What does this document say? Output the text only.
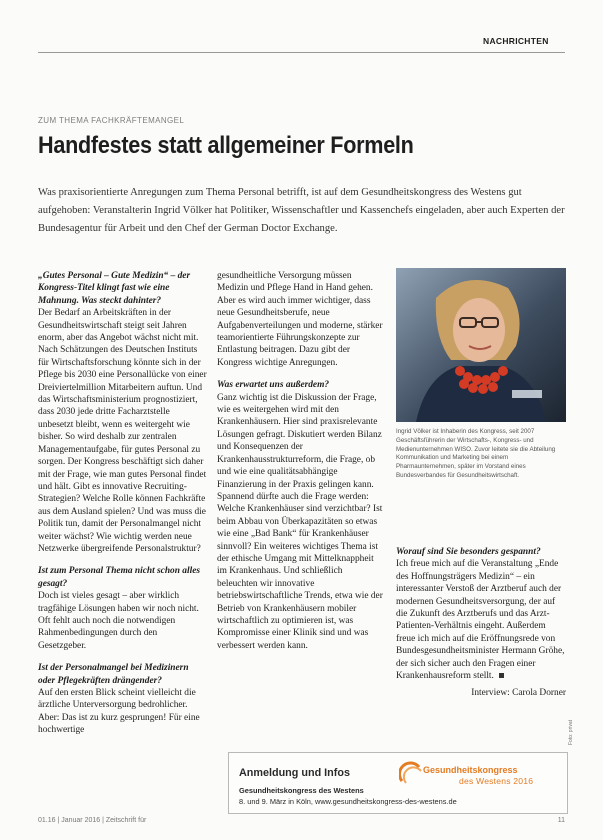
NACHRICHTEN
ZUM THEMA FACHKRÄFTEMANGEL
Handfestes statt allgemeiner Formeln
Was praxisorientierte Anregungen zum Thema Personal betrifft, ist auf dem Gesundheitskongress des Westens gut aufgehoben: Veranstalterin Ingrid Völker hat Politiker, Wissenschaftler und Kassenchefs eingeladen, aber auch Experten der Bundesagentur für Arbeit und den Chef der German Doctor Exchange.

„Gutes Personal – Gute Medizin“ – der Kongress-Titel klingt fast wie eine Mahnung. Was steckt dahinter?

Der Bedarf an Arbeitskräften in der Gesundheitswirtschaft steigt seit Jahren enorm, aber das Angebot wächst nicht mit. Nach Schätzungen des Deutschen Instituts für Wirtschaftsforschung könnte sich in der Pflege bis 2030 eine Personallücke von einer Dreiviertelmillion Mitarbeitern auftun. Und das Wirtschaftsministerium prognostiziert, dass 2030 jede dritte Facharztstelle unbesetzt bleibt, wenn es weitergeht wie bisher. So wird deshalb zur zentralen Managementaufgabe, für gutes Personal zu sorgen. Der Kongress beschäftigt sich daher mit der Frage, wie man gutes Personal findet und hält. Gibt es innovative Recruiting-Strategien? Welche Rolle können Fachkräfte aus dem Ausland spielen? Und was muss die Politik tun, damit der Personalmangel nicht weiter wächst? Wie wichtig werden neue Netzwerke übergreifende Personalstruktur?

Ist zum Personal Thema nicht schon alles gesagt?

Doch ist vieles gesagt – aber wirklich tragfähige Lösungen haben wir noch nicht. Oft fehlt auch noch die notwendigen Rahmenbedingungen durch den Gesetzgeber.

Ist der Personalmangel bei Medizinern oder Pflegekräften drängender?

Auf den ersten Blick scheint vielleicht die ärztliche Unterversorgung bedrohlicher. Aber: Das ist zu kurz gesprungen! Für eine hochwertige

gesundheitliche Versorgung müssen Medizin und Pflege Hand in Hand gehen. Aber es wird auch immer wichtiger, dass neue Gesundheitsberufe, neue Aufgabenverteilungen und moderne, stärker teamorientierte Führungskonzepte zur Entlastung beitragen. Dazu gibt der Kongress wichtige Anregungen.

Was erwartet uns außerdem?

Ganz wichtig ist die Diskussion der Frage, wie es weitergehen wird mit den Krankenhäusern. Hier sind praxisrelevante Lösungen gefragt. Diskutiert werden Bilanz und Konsequenzen der Krankenhausstrukturreform, die Frage, ob und wie eine qualitätsabhängige Finanzierung in der Praxis gelingen kann. Spannend dürfte auch die Frage werden: Welche Krankenhäuser sind verzichtbar? Ist beim Abbau von Überkapazitäten so etwas wie eine „Bad Bank“ für Krankenhäuser sinnvoll? Ein weiteres wichtiges Thema ist der ethische Umgang mit Mittelknappheit im Krankenhaus. Und schließlich beleuchten wir innovative betriebswirtschaftliche Trends, etwa wie der Betrieb von Krankenhäusern mobiler wirtschaftlich zu optimieren ist, was Kompromisse einer Klinik sind und was verbessert werden kann.

Ingrid Völker ist Inhaberin des Kongress, seit 2007 Geschäftsführerin der Wirtschafts-, Kongress- und Medienunternehmen WISO. Zuvor leitete sie die Abteilung Kommunikation und Marketing bei einem Pharmaunternehmen, später im Vorstand eines Bundesverbandes für Gesundheitswirtschaft.
Foto: privat

Worauf sind Sie besonders gespannt?

Ich freue mich auf die Veranstaltung „Ende des Hoffnungsträgers Medizin“ – ein interessanter Verstoß der Arztberuf auch der modernen Gesundheitsversorgung, der auf die Zukunft des Arztberufs und das Arzt-Patienten-Verhältnis eingeht. Außerdem freue ich mich auf die Eröffnungsrede von Bundesgesundheitsminister Hermann Gröhe, der sich sicher auch den Fragen einer Krankenhausreform stellt.

Interview: Carola Dorner

Anmeldung und Infos
Gesundheitskongress des Westens
8. und 9. März in Köln, www.gesundheitskongress-des-westens.de
Gesundheitskongress
des Westens 2016
01.16 | Januar 2016 | Zeitschrift für	11
